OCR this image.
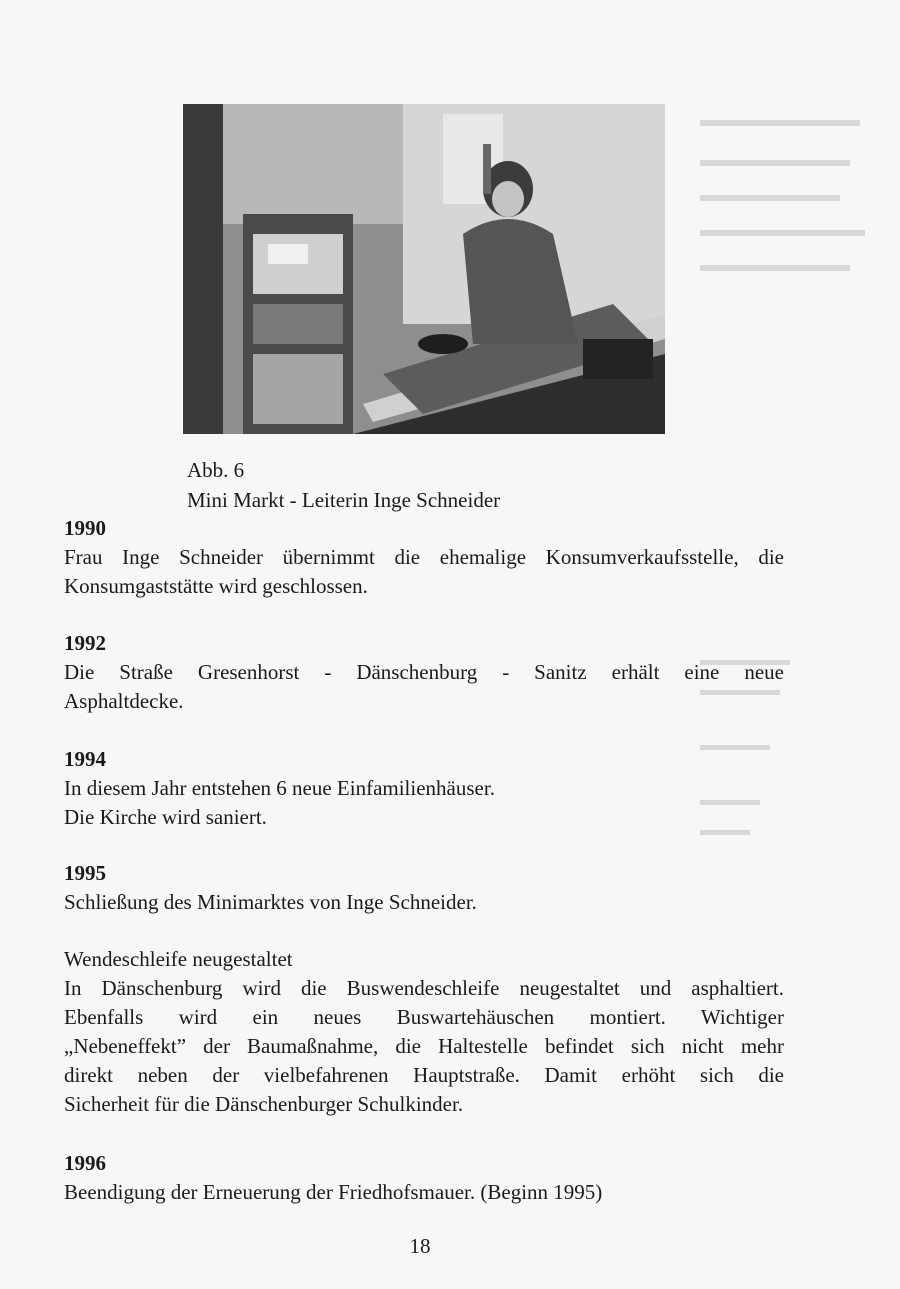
Abb. 6
Mini Markt - Leiterin Inge Schneider

1990

Frau Inge Schneider übernimmt die ehemalige Konsumverkaufsstelle, die

Konsumgaststätte wird geschlossen.

1992

Die Straße Gresenhorst - Dänschenburg - Sanitz erhält eine neue

Asphaltdecke.

1994

In diesem Jahr entstehen 6 neue Einfamilienhäuser.

Die Kirche wird saniert.

1995

Schließung des Minimarktes von Inge Schneider.

Wendeschleife neugestaltet

In Dänschenburg wird die Buswendeschleife neugestaltet und asphaltiert.

Ebenfalls wird ein neues Buswartehäuschen montiert. Wichtiger

„Nebeneffekt” der Baumaßnahme, die Haltestelle befindet sich nicht mehr

direkt neben der vielbefahrenen Hauptstraße. Damit erhöht sich die

Sicherheit für die Dänschenburger Schulkinder.

1996

Beendigung der Erneuerung der Friedhofsmauer. (Beginn 1995)

18
